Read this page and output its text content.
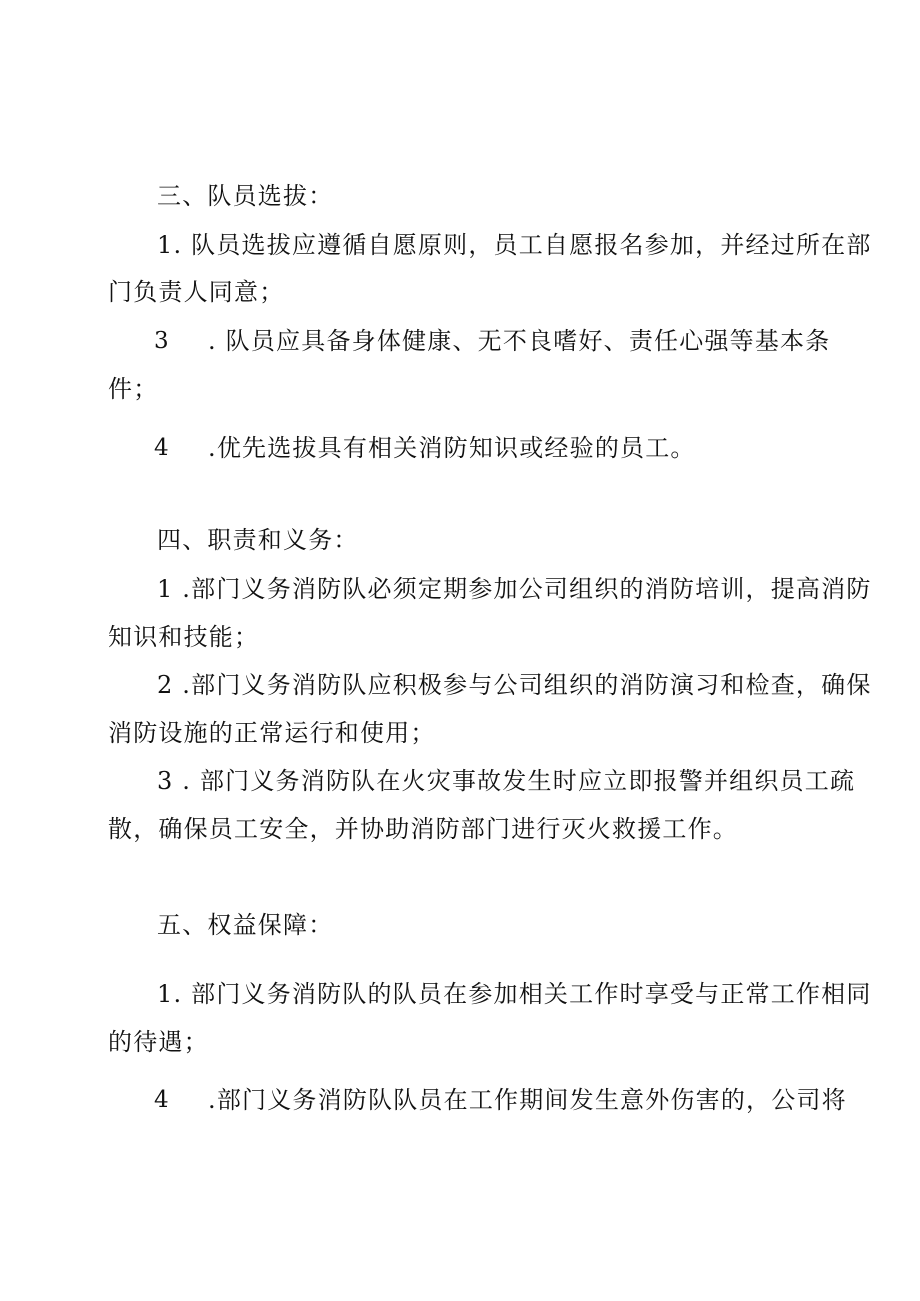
三、队员选拔：
1. 队员选拔应遵循自愿原则，员工自愿报名参加，并经过所在部
门负责人同意；
3 . 队员应具备身体健康、无不良嗜好、责任心强等基本条
件；
4 .优先选拔具有相关消防知识或经验的员工。
四、职责和义务：
1 .部门义务消防队必须定期参加公司组织的消防培训，提高消防
知识和技能；
2 .部门义务消防队应积极参与公司组织的消防演习和检查，确保
消防设施的正常运行和使用；
3 . 部门义务消防队在火灾事故发生时应立即报警并组织员工疏
散，确保员工安全，并协助消防部门进行灭火救援工作。
五、权益保障：
1. 部门义务消防队的队员在参加相关工作时享受与正常工作相同
的待遇；
4 .部门义务消防队队员在工作期间发生意外伤害的，公司将
